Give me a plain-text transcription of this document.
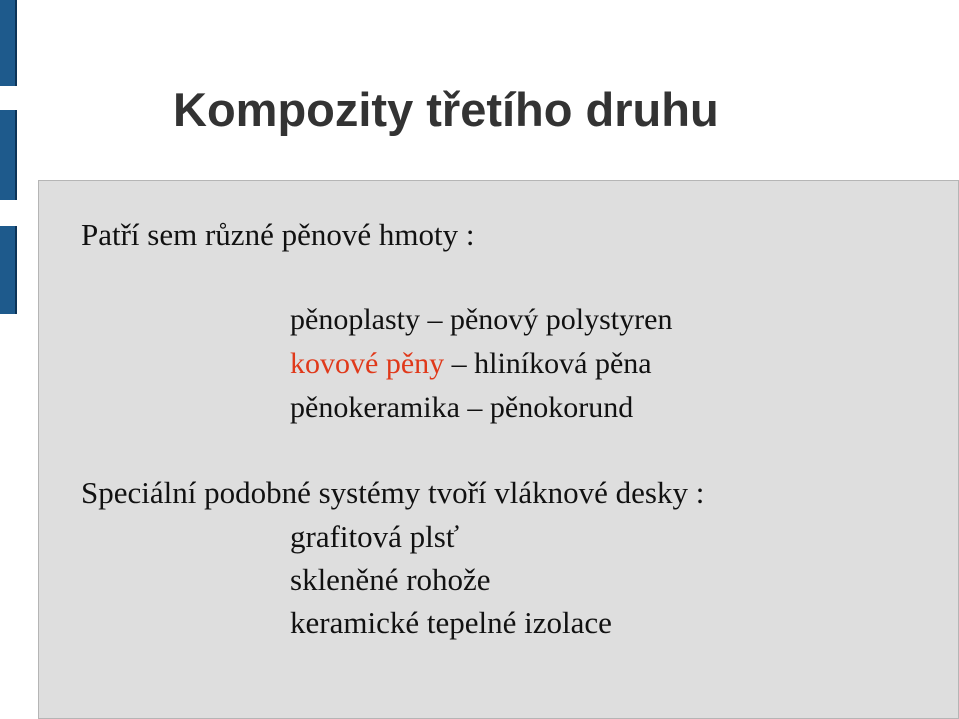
Kompozity třetího druhu
Patří sem různé pěnové hmoty :
pěnoplasty – pěnový polystyren
kovové pěny – hliníková pěna
pěnokeramika – pěnokorund
Speciální podobné systémy tvoří vláknové desky :
grafitová plsť
skleněné rohože
keramické tepelné izolace
